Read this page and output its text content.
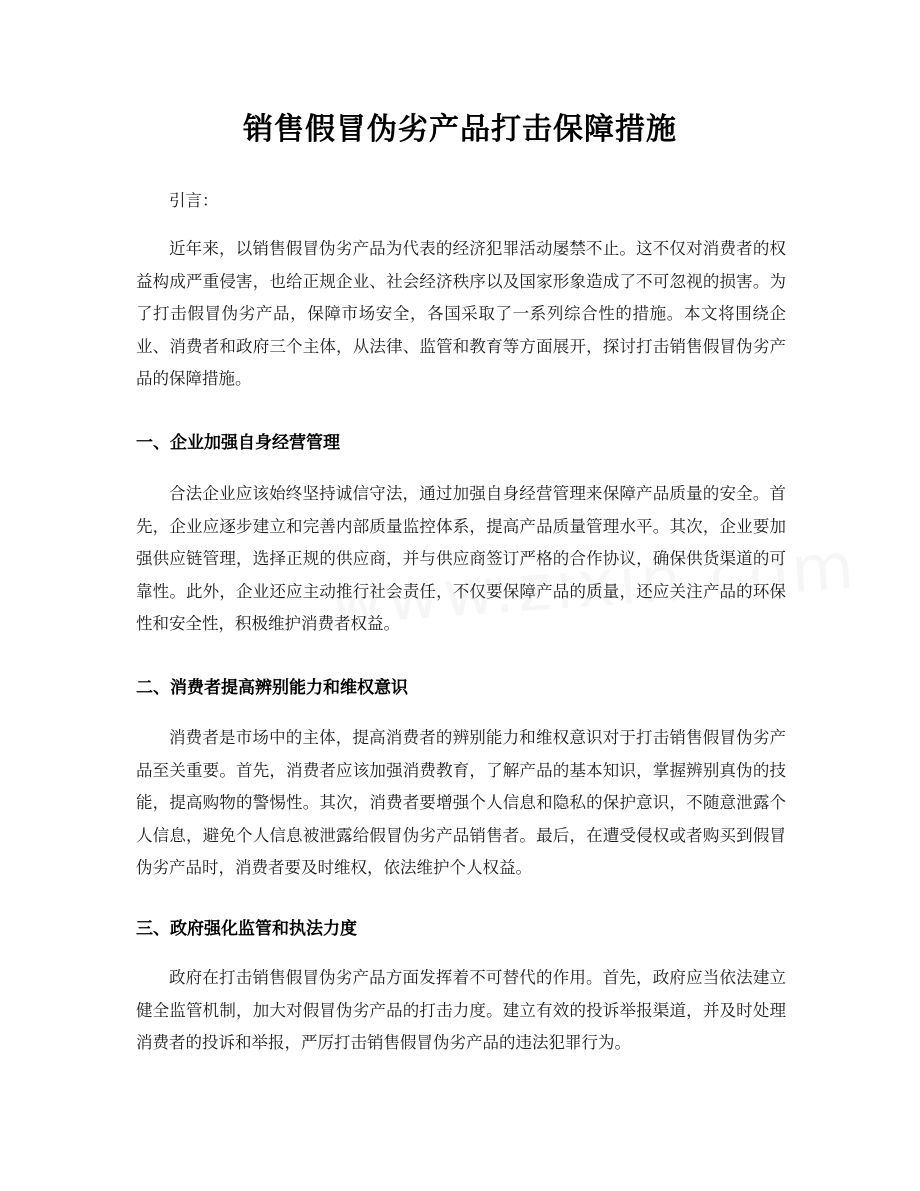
销售假冒伪劣产品打击保障措施

引言：

近年来，以销售假冒伪劣产品为代表的经济犯罪活动屡禁不止。这不仅对消费者的权益构成严重侵害，也给正规企业、社会经济秩序以及国家形象造成了不可忽视的损害。为了打击假冒伪劣产品，保障市场安全，各国采取了一系列综合性的措施。本文将围绕企业、消费者和政府三个主体，从法律、监管和教育等方面展开，探讨打击销售假冒伪劣产品的保障措施。

一、企业加强自身经营管理

合法企业应该始终坚持诚信守法，通过加强自身经营管理来保障产品质量的安全。首先，企业应逐步建立和完善内部质量监控体系，提高产品质量管理水平。其次，企业要加强供应链管理，选择正规的供应商，并与供应商签订严格的合作协议，确保供货渠道的可靠性。此外，企业还应主动推行社会责任，不仅要保障产品的质量，还应关注产品的环保性和安全性，积极维护消费者权益。

二、消费者提高辨别能力和维权意识

消费者是市场中的主体，提高消费者的辨别能力和维权意识对于打击销售假冒伪劣产品至关重要。首先，消费者应该加强消费教育，了解产品的基本知识，掌握辨别真伪的技能，提高购物的警惕性。其次，消费者要增强个人信息和隐私的保护意识，不随意泄露个人信息，避免个人信息被泄露给假冒伪劣产品销售者。最后，在遭受侵权或者购买到假冒伪劣产品时，消费者要及时维权，依法维护个人权益。

三、政府强化监管和执法力度

政府在打击销售假冒伪劣产品方面发挥着不可替代的作用。首先，政府应当依法建立健全监管机制，加大对假冒伪劣产品的打击力度。建立有效的投诉举报渠道，并及时处理消费者的投诉和举报，严厉打击销售假冒伪劣产品的违法犯罪行为。
